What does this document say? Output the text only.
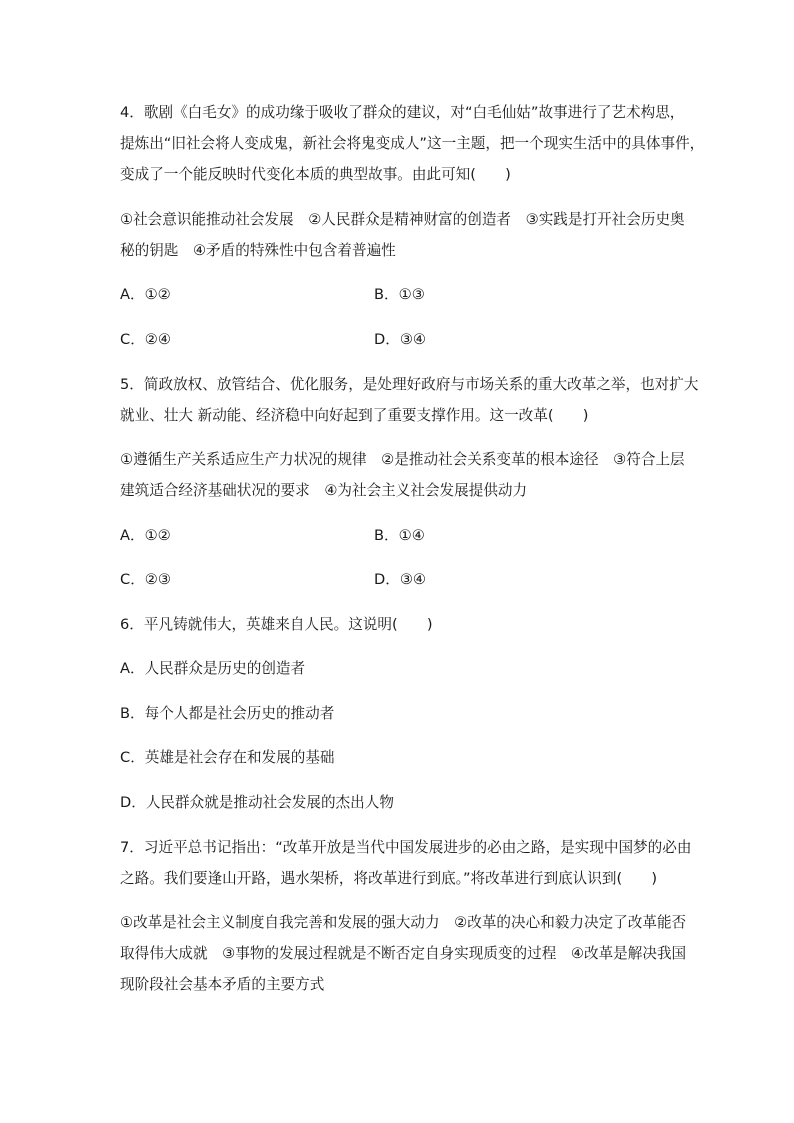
4．歌剧《白毛女》的成功缘于吸收了群众的建议，对“白毛仙姑”故事进行了艺术构思，
提炼出“旧社会将人变成鬼，新社会将鬼变成人”这一主题，把一个现实生活中的具体事件，
变成了一个能反映时代变化本质的典型故事。由此可知(　　)
①社会意识能推动社会发展　②人民群众是精神财富的创造者　③实践是打开社会历史奥
秘的钥匙　④矛盾的特殊性中包含着普遍性
A．①②	B．①③
C．②④	D．③④
5．简政放权、放管结合、优化服务，是处理好政府与市场关系的重大改革之举，也对扩大
就业、壮大 新动能、经济稳中向好起到了重要支撑作用。这一改革(　　)
①遵循生产关系适应生产力状况的规律　②是推动社会关系变革的根本途径　③符合上层
建筑适合经济基础状况的要求　④为社会主义社会发展提供动力
A．①②	B．①④
C．②③	D．③④
6．平凡铸就伟大，英雄来自人民。这说明(　　)
A．人民群众是历史的创造者
B．每个人都是社会历史的推动者
C．英雄是社会存在和发展的基础
D．人民群众就是推动社会发展的杰出人物
7．习近平总书记指出：“改革开放是当代中国发展进步的必由之路，是实现中国梦的必由
之路。我们要逢山开路，遇水架桥，将改革进行到底。”将改革进行到底认识到(　　)
①改革是社会主义制度自我完善和发展的强大动力　②改革的决心和毅力决定了改革能否
取得伟大成就　③事物的发展过程就是不断否定自身实现质变的过程　④改革是解决我国
现阶段社会基本矛盾的主要方式
